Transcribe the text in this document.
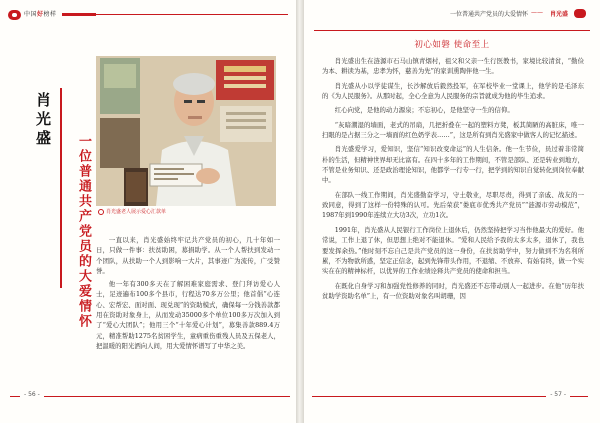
中国好榜样
肖光盛
一位普通共产党员的大爱情怀	肖光盛老人展示爱心汇款单

一直以来，肖光盛始终牢记共产党员的初心，几十年如一日，只做一件事：扶贫助困，募捐助学。从一个人帮扶到发动一个团队，从扶助一个人到影响一大片，其事迹广为流传，广受赞誉。

他一年有300多天在了解困难家庭需求、登门拜访爱心人士，足迹遍布100多个县市，行程达70多万公里；他首倡“心连心、宏帮宏、面对面、现兑现”的资助模式，确保每一分钱善款都用在资助对象身上，从而发动35000多个单位100多万次加入到了“爱心大团队”；他用三个“十年爱心计划”，募集善款889.4万元，精准帮助1275名贫困学生，童病重伤重残人员及五保老人，把温暖的阳光洒向人间，用大爱情怀谱写了中华之美。

- 56 -
一位普通共产党员的大爱情怀 —— 肖光盛
初心如磐 使命至上

肖光盛出生在涟源市石马山镇青烟村，祖父和父亲一生行医教书，家境比较清贫，“勤俭为本、耕读为基，忠孝为怀，慈善为先”的家训熏陶伴他一生。

肖光盛从小以学徒谋生，长沙解放后毅然投军，在军校毕业一堂课上，他学的是毛泽东的《为人民服务》。从那时起，全心全意为人民服务的宗旨就成为他的毕生追求。

红心向党，是他的动力源泉；不忘初心，是他坚守一生的信仰。

“灰暗潮湿的墙面，老式的吊扇，几把折叠在一起的塑料方凳，板其简陋的高脏床，唯一扫眼的是占据三分之一墙面的红色奶学表……”，这是所有到肖光盛家中做客人的记忆描述。

肖光盛爱学习，爱知识，坚信“知识改变命运”的人生信条。他一生节俭，员过着非常简朴的生活，但精神世界却无比富有。在四十多年的工作期间，不管是部队、还是转业到地方，不管是业务知识、还是政治理论知识，他都学一行专一行，把学到的知识自觉转化到岗位奉献中。

在部队一线工作期间，肖光盛勤奋学习，守土敬业，尽职尽责，得到了亲戚、战友的一致同意，得到了这样一份特殊的认可。先后荣获“娄底市优秀共产党员”“涟源市劳动模范”，1987年到1990年连续立大功3次，立功1次。

1991年，肖光盛从人民银行工作岗位上退休后，仍然坚持把学习当作他最大的爱好。他常说，工作上退了休，但思想上绝对不能退休。“爱和人民给予我的太多太多，退休了，我也要发挥余热。”他时刻不忘自己是共产党员的这一身份，在扶贫助学中，努力做到不为名利所累，不为物欲所惑，坚定正信念，起到先锋带头作用，不退缩、不放弃、有始有终，做一个实实在在的精神标杆，以优异的工作业绩诠释共产党员的使命和担当。

在既化自身学习和加强党性修养的同时，肖光盛还不忘带动别人一起进步。在他“历年扶贫助学资助名单”上，有一位资助对象名叫胡珊，因

- 57 -
